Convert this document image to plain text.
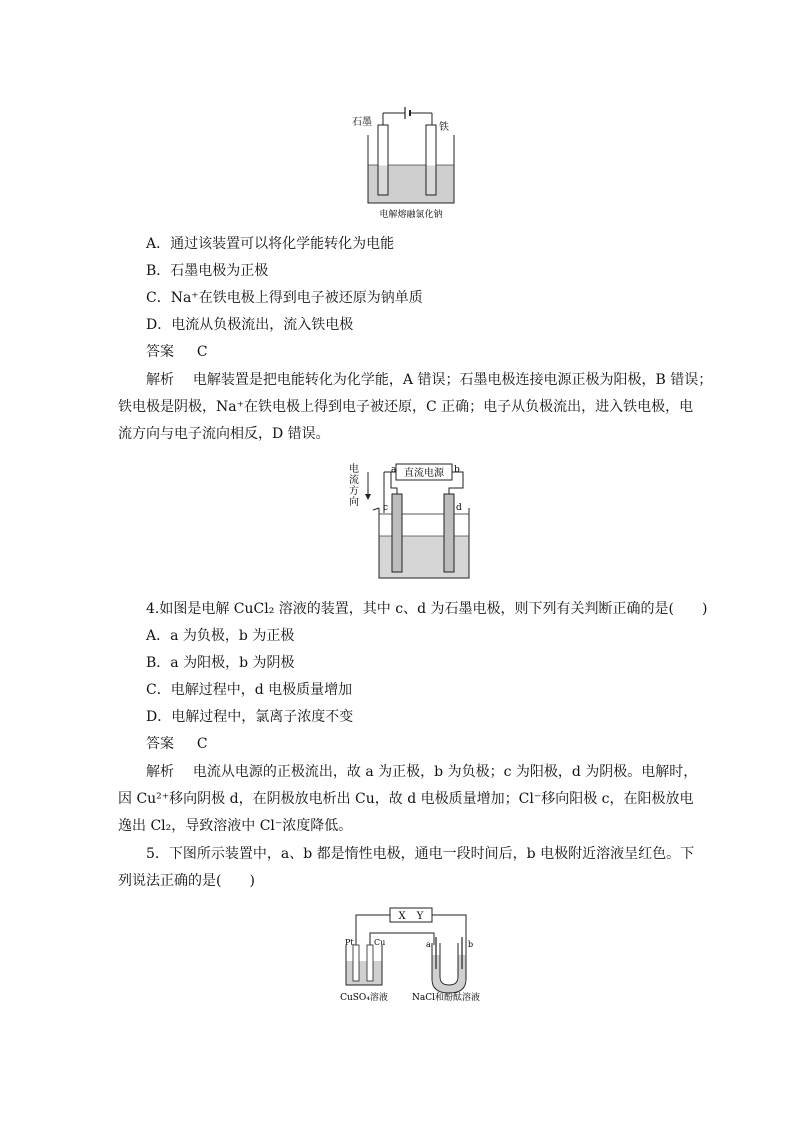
石墨	铁
电解熔融氯化钠
A．通过该装置可以将化学能转化为电能
B．石墨电极为正极
C．Na⁺在铁电极上得到电子被还原为钠单质
D．电流从负极流出，流入铁电极
答案 C
解析 电解装置是把电能转化为化学能，A 错误；石墨电极连接电源正极为阳极，B 错误；
铁电极是阴极，Na⁺在铁电极上得到电子被还原，C 正确；电子从负极流出，进入铁电极，电
流方向与电子流向相反，D 错误。
电流方向
直流电源
a	b
c	d
4.如图是电解 CuCl₂ 溶液的装置，其中 c、d 为石墨电极，则下列有关判断正确的是(　　)
A．a 为负极，b 为正极
B．a 为阳极，b 为阴极
C．电解过程中，d 电极质量增加
D．电解过程中，氯离子浓度不变
答案 C
解析 电流从电源的正极流出，故 a 为正极，b 为负极；c 为阳极，d 为阴极。电解时，
因 Cu²⁺移向阴极 d，在阴极放电析出 Cu，故 d 电极质量增加；Cl⁻移向阳极 c，在阳极放电
逸出 Cl₂，导致溶液中 Cl⁻浓度降低。
5．下图所示装置中，a、b 都是惰性电极，通电一段时间后，b 电极附近溶液呈红色。下
列说法正确的是(　　)
X Y
Pt	Cu	a	b
CuSO₄溶液	NaCl和酚酞溶液
